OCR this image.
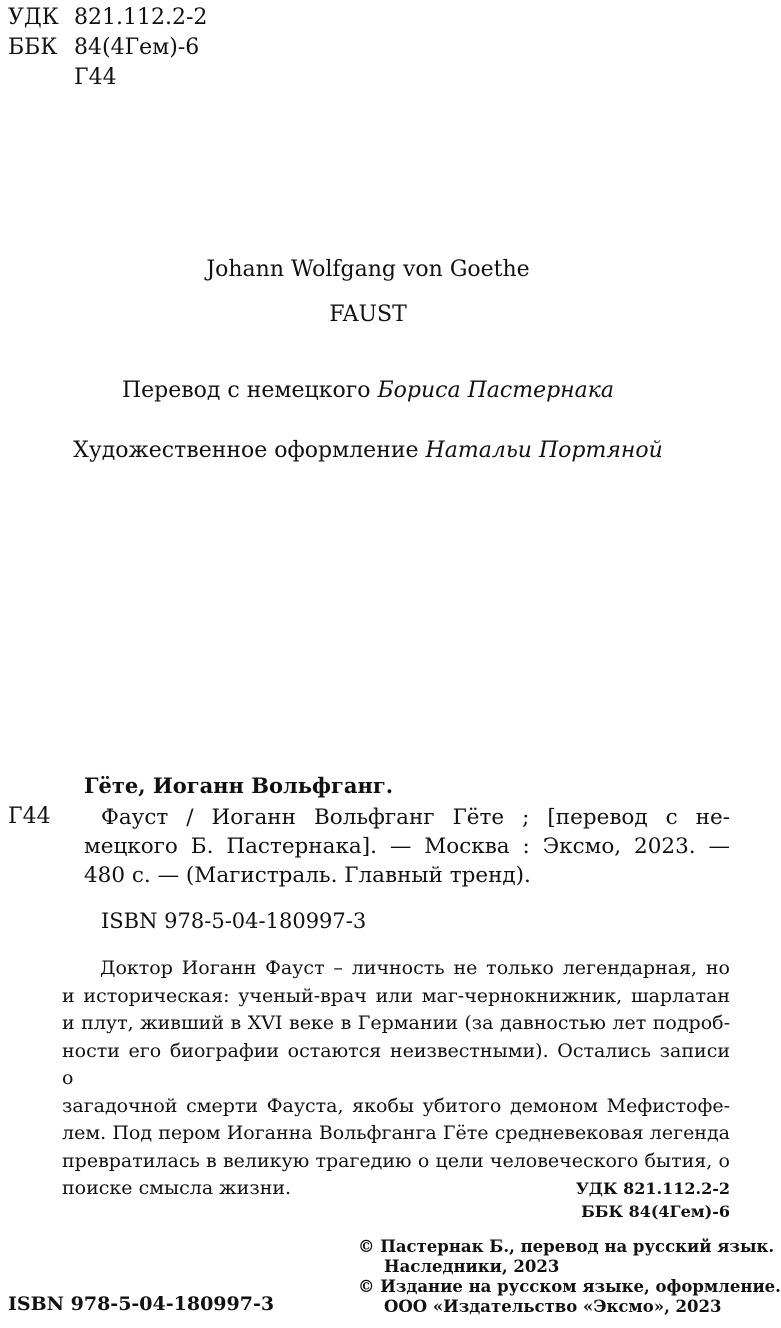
УДК 821.112.2-2
ББК 84(4Гем)-6
Г44
Johann Wolfgang von Goethe
FAUST
Перевод с немецкого Бориса Пастернака
Художественное оформление Натальи Портяной
Гёте, Иоганн Вольфганг.
Г44 Фауст / Иоганн Вольфганг Гёте ; [перевод с не-
мецкого Б. Пастернака]. — Москва : Эксмо, 2023. —
480 с. — (Магистраль. Главный тренд).
ISBN 978-5-04-180997-3
Доктор Иоганн Фауст – личность не только легендарная, но
и историческая: ученый-врач или маг-чернокнижник, шарлатан
и плут, живший в XVI веке в Германии (за давностью лет подроб-
ности его биографии остаются неизвестными). Остались записи о
загадочной смерти Фауста, якобы убитого демоном Мефистофе-
лем. Под пером Иоганна Вольфганга Гёте средневековая легенда
превратилась в великую трагедию о цели человеческого бытия, о
поиске смысла жизни.	УДК 821.112.2-2
ББК 84(4Гем)-6
© Пастернак Б., перевод на русский язык.
Наследники, 2023
© Издание на русском языке, оформление.
ООО «Издательство «Эксмо», 2023
ISBN 978-5-04-180997-3
